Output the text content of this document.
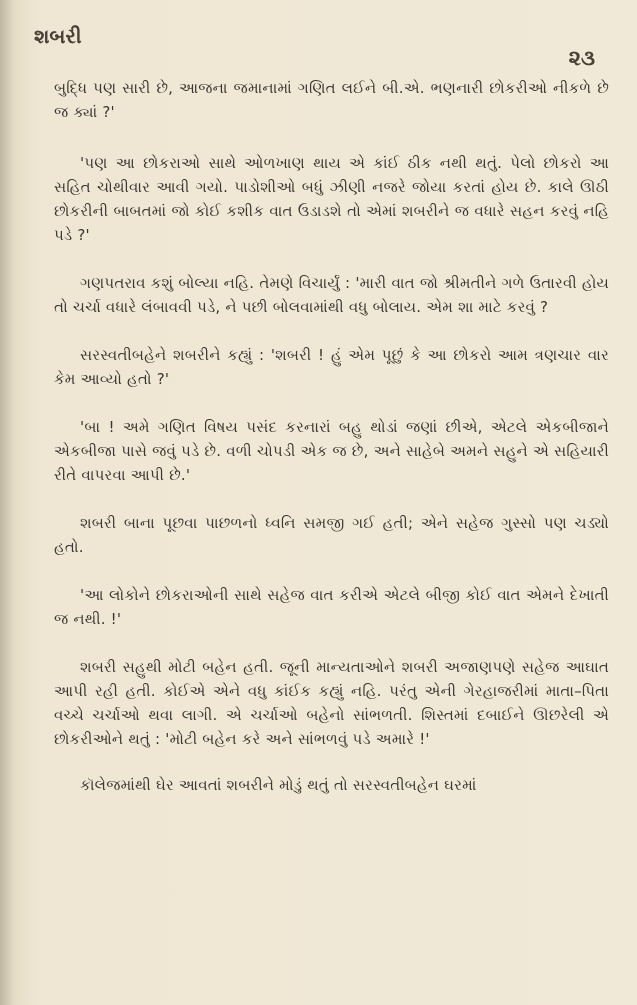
શબરી
૨૩

બુદ્ધિ પણ સારી છે, આજના જમાનામાં ગણિત લઈને બી.એ. ભણનારી છોકરીઓ નીકળે છે જ ક્યાં ?'

'પણ આ છોકરાઓ સાથે ઓળખાણ થાય એ કાંઈ ઠીક નથી થતું. પેલો છોકરો આ સહિત ચોથીવાર આવી ગયો. પાડોશીઓ બધું ઝીણી નજરે જોયા કરતાં હોય છે. કાલે ઊઠી છોકરીની બાબતમાં જો કોઈ કશીક વાત ઉડાડશે તો એમાં શબરીને જ વધારે સહન કરવું નહિ પડે ?'

ગણપતરાવ કશું બોલ્યા નહિ. તેમણે વિચાર્યું : 'મારી વાત જો શ્રીમતીને ગળે ઉતારવી હોય તો ચર્ચા વધારે લંબાવવી પડે, ને પછી બોલવામાંથી વધુ બોલાય. એમ શા માટે કરવું ?

સરસ્વતીબહેને શબરીને કહ્યું : 'શબરી ! હું એમ પૂછું કે આ છોકરો આમ ત્રણચાર વાર કેમ આવ્યો હતો ?'

'બા ! અમે ગણિત વિષય પસંદ કરનારાં બહુ થોડાં જણાં છીએ, એટલે એકબીજાને એકબીજા પાસે જવું પડે છે. વળી ચોપડી એક જ છે, અને સાહેબે અમને સહુને એ સહિયારી રીતે વાપરવા આપી છે.'

શબરી બાના પૂછવા પાછળનો ધ્વનિ સમજી ગઈ હતી; એને સહેજ ગુસ્સો પણ ચડ્યો હતો.

'આ લોકોને છોકરાઓની સાથે સહેજ વાત કરીએ એટલે બીજી કોઈ વાત એમને દેખાતી જ નથી. !'

શબરી સહુથી મોટી બહેન હતી. જૂની માન્યતાઓને શબરી અજાણપણે સહેજ આઘાત આપી રહી હતી. કોઈએ એને વધુ કાંઈક કહ્યું નહિ. પરંતુ એની ગેરહાજરીમાં માતા–પિતા વચ્ચે ચર્ચાઓ થવા લાગી. એ ચર્ચાઓ બહેનો સાંભળતી. શિસ્તમાં દબાઈને ઊછરેલી એ છોકરીઓને થતું : 'મોટી બહેન કરે અને સાંભળવું પડે અમારે !'

કૉલેજમાંથી ઘેર આવતાં શબરીને મોડું થતું તો સરસ્વતીબહેન ઘરમાં
